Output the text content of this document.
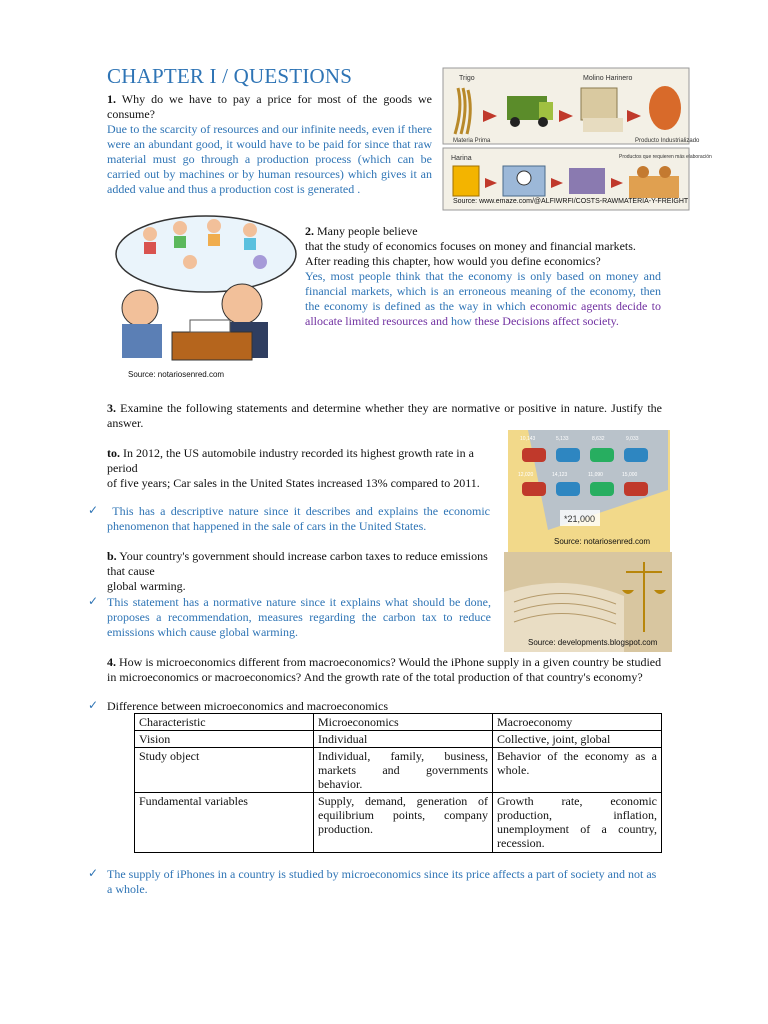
CHAPTER I / QUESTIONS

1. Why do we have to pay a price for most of the goods we consume?

Due to the scarcity of resources and our infinite needs, even if there were an abundant good, it would have to be paid for since that raw material must go through a production process (which can be carried out by machines or by human resources) which gives it an added value and thus a production cost is generated .

Trigo	Molino Harinero
Materia Prima	Producto Industrializado
Harina	Productos que requieren más elaboración
Source: www.emaze.com/@ALFIWRFI/COSTS-RAWMATERIA-Y-FREIGHT
Source: notariosenred.com

2. Many people believe
that the study of economics focuses on money and financial markets. After reading this chapter, how would you define economics?

Yes, most people think that the economy is only based on money and financial markets, which is an erroneous meaning of the economy, then the economy is defined as the way in which economic agents decide to allocate limited resources and how these Decisions affect society.

3. Examine the following statements and determine whether they are normative or positive in nature. Justify the answer.

to. In 2012, the US automobile industry recorded its highest growth rate in a period
of five years; Car sales in the United States increased 13% compared to 2011.

✓	This has a descriptive nature since it describes and explains the economic phenomenon that happened in the sale of cars in the United States.

10,143	5,133	8,632	9,033
12,020	14,123	11,090	15,000
*21,000
Source: notariosenred.com

b. Your country's government should increase carbon taxes to reduce emissions that cause
global warming.

✓ This statement has a normative nature since it explains what should be done, proposes a recommendation, measures regarding the carbon tax to reduce emissions which cause global warming.

Source: developments.blogspot.com

4. How is microeconomics different from macroeconomics? Would the iPhone supply in a given country be studied in microeconomics or macroeconomics? And the growth rate of the total production of that country's economy?

✓ Difference between microeconomics and macroeconomics

Characteristic	Microeconomics	Macroeconomy
Vision	Individual	Collective, joint, global
Study object	Individual, family, business, markets and governments behavior.	Behavior of the economy as a whole.
Fundamental variables	Supply, demand, generation of equilibrium points, company production.	Growth rate, economic production, inflation, unemployment of a country, recession.
✓ The supply of iPhones in a country is studied by microeconomics since its price affects a part of society and not as a whole.
